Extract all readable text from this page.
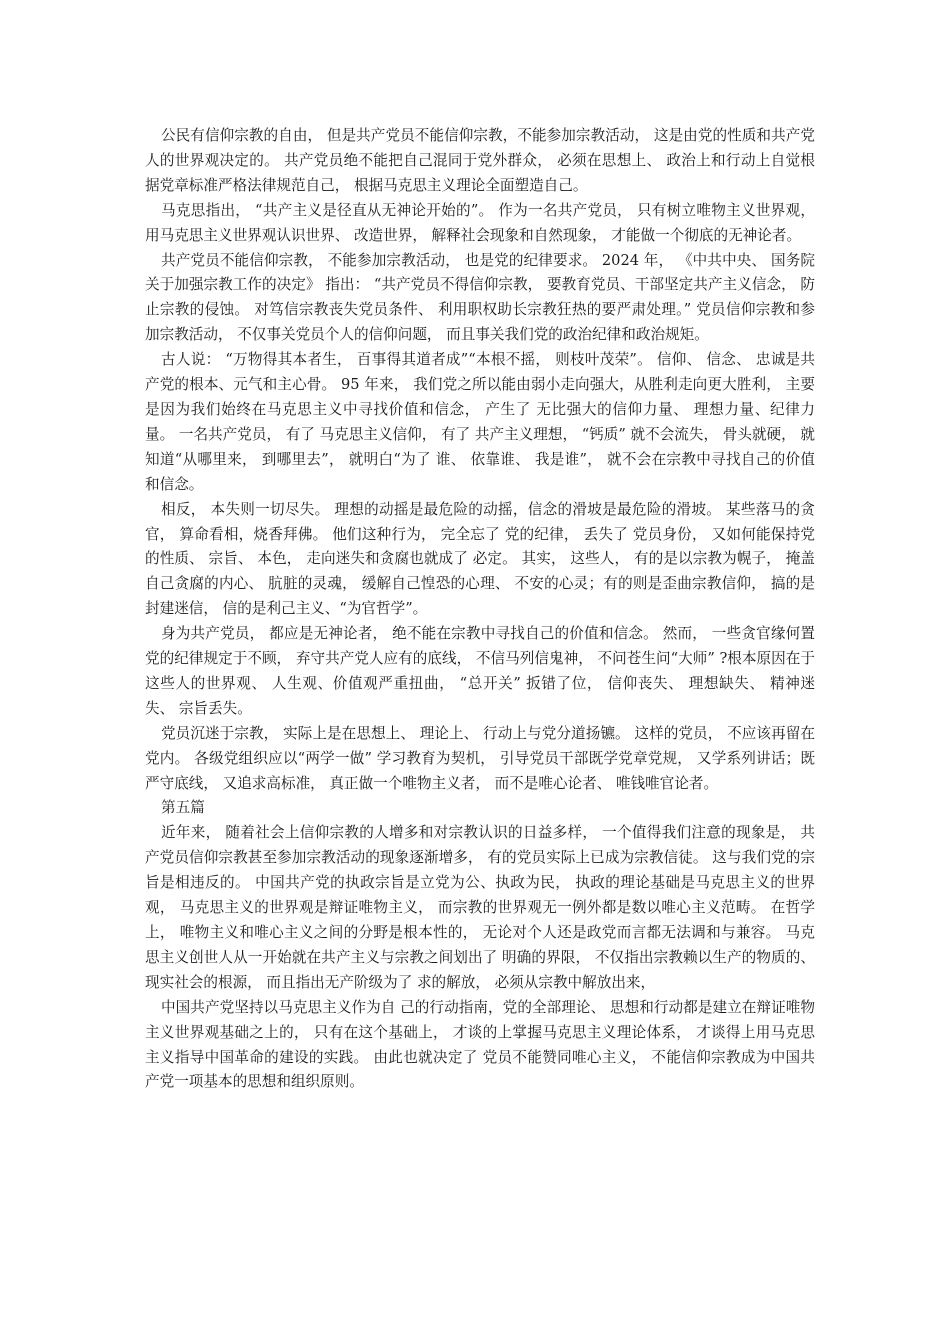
公民有信仰宗教的自由， 但是共产党员不能信仰宗教，不能参加宗教活动， 这是由党的性质和共产党人的世界观决定的。 共产党员绝不能把自己混同于党外群众， 必须在思想上、 政治上和行动上自觉根据党章标准严格法律规范自己， 根据马克思主义理论全面塑造自己。

马克思指出， “共产主义是径直从无神论开始的”。 作为一名共产党员， 只有树立唯物主义世界观， 用马克思主义世界观认识世界、 改造世界， 解释社会现象和自然现象， 才能做一个彻底的无神论者。

共产党员不能信仰宗教， 不能参加宗教活动， 也是党的纪律要求。 2024 年， 《中共中央、 国务院关于加强宗教工作的决定》 指出： “共产党员不得信仰宗教， 要教育党员、干部坚定共产主义信念， 防止宗教的侵蚀。 对笃信宗教丧失党员条件、 利用职权助长宗教狂热的要严肃处理。” 党员信仰宗教和参加宗教活动， 不仅事关党员个人的信仰问题， 而且事关我们党的政治纪律和政治规矩。

古人说： “万物得其本者生， 百事得其道者成”“本根不摇， 则枝叶茂荣”。 信仰、 信念、 忠诚是共产党的根本、元气和主心骨。 95 年来， 我们党之所以能由弱小走向强大，从胜利走向更大胜利， 主要是因为我们始终在马克思主义中寻找价值和信念， 产生了 无比强大的信仰力量、 理想力量、纪律力量。 一名共产党员， 有了 马克思主义信仰， 有了 共产主义理想， “钙质” 就不会流失， 骨头就硬， 就知道“从哪里来， 到哪里去”， 就明白“为了 谁、 依靠谁、 我是谁”， 就不会在宗教中寻找自己的价值和信念。

相反， 本失则一切尽失。 理想的动摇是最危险的动摇，信念的滑坡是最危险的滑坡。 某些落马的贪官， 算命看相，烧香拜佛。 他们这种行为， 完全忘了 党的纪律， 丢失了 党员身份， 又如何能保持党的性质、 宗旨、 本色， 走向迷失和贪腐也就成了 必定。 其实， 这些人， 有的是以宗教为幌子， 掩盖自己贪腐的内心、 肮脏的灵魂， 缓解自己惶恐的心理、 不安的心灵；有的则是歪曲宗教信仰， 搞的是封建迷信， 信的是利己主义、“为官哲学”。

身为共产党员， 都应是无神论者， 绝不能在宗教中寻找自己的价值和信念。 然而， 一些贪官缘何置党的纪律规定于不顾， 弃守共产党人应有的底线， 不信马列信鬼神， 不问苍生问“大师” ?根本原因在于这些人的世界观、 人生观、价值观严重扭曲， “总开关” 扳错了位， 信仰丧失、 理想缺失、 精神迷失、 宗旨丢失。

党员沉迷于宗教， 实际上是在思想上、 理论上、 行动上与党分道扬镳。 这样的党员， 不应该再留在党内。 各级党组织应以“两学一做” 学习教育为契机， 引导党员干部既学党章党规， 又学系列讲话；既严守底线， 又追求高标准， 真正做一个唯物主义者， 而不是唯心论者、 唯钱唯官论者。

第五篇

近年来， 随着社会上信仰宗教的人增多和对宗教认识的日益多样， 一个值得我们注意的现象是， 共产党员信仰宗教甚至参加宗教活动的现象逐渐增多， 有的党员实际上已成为宗教信徒。 这与我们党的宗旨是相违反的。 中国共产党的执政宗旨是立党为公、执政为民， 执政的理论基础是马克思主义的世界观， 马克思主义的世界观是辩证唯物主义， 而宗教的世界观无一例外都是数以唯心主义范畴。 在哲学上， 唯物主义和唯心主义之间的分野是根本性的， 无论对个人还是政党而言都无法调和与兼容。 马克思主义创世人从一开始就在共产主义与宗教之间划出了 明确的界限， 不仅指出宗教赖以生产的物质的、 现实社会的根源， 而且指出无产阶级为了 求的解放， 必须从宗教中解放出来，

中国共产党坚持以马克思主义作为自 己的行动指南，党的全部理论、 思想和行动都是建立在辩证唯物主义世界观基础之上的， 只有在这个基础上， 才谈的上掌握马克思主义理论体系， 才谈得上用马克思主义指导中国革命的建设的实践。 由此也就决定了 党员不能赞同唯心主义， 不能信仰宗教成为中国共产党一项基本的思想和组织原则。
